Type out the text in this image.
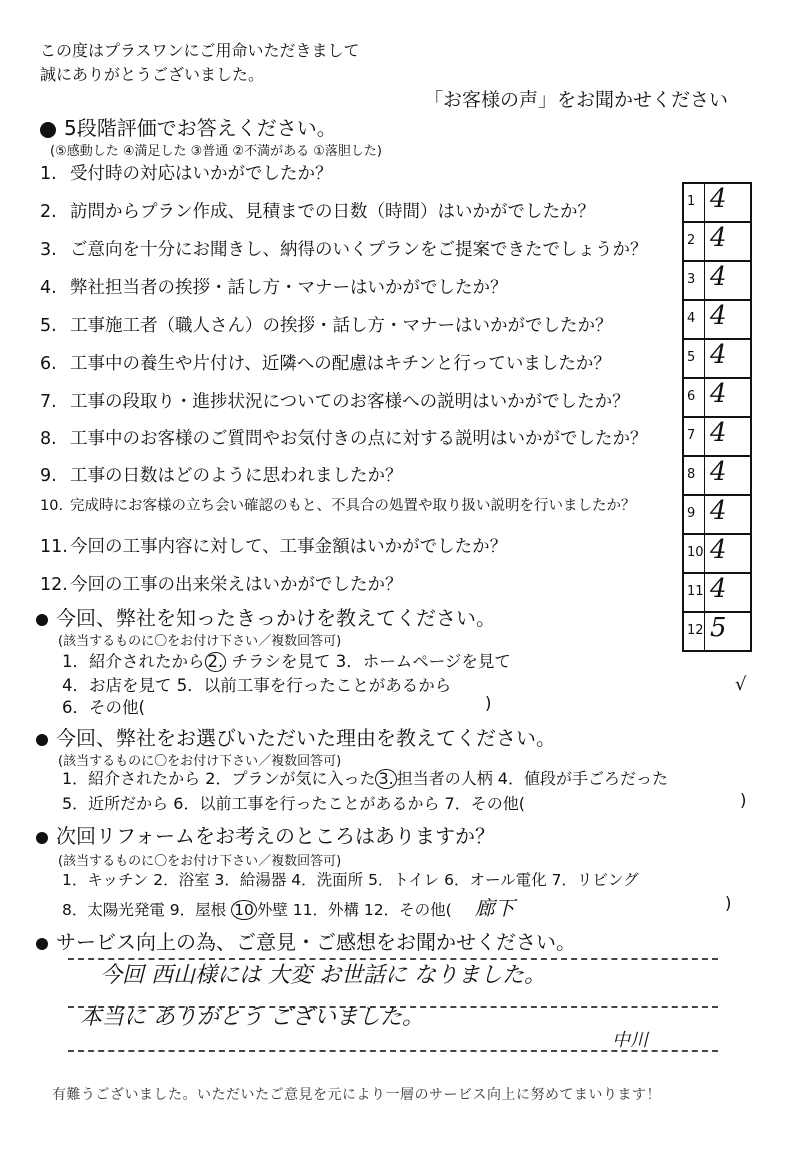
この度はプラスワンにご用命いただきまして
誠にありがとうございました。
「お客様の声」をお聞かせください
5段階評価でお答えください。
(⑤感動した ④満足した ③普通 ②不満がある ①落胆した)
1. 受付時の対応はいかがでしたか？
2. 訪問からプラン作成、見積までの日数（時間）はいかがでしたか？
3. ご意向を十分にお聞きし、納得のいくプランをご提案できたでしょうか？
4. 弊社担当者の挨拶・話し方・マナーはいかがでしたか？
5. 工事施工者（職人さん）の挨拶・話し方・マナーはいかがでしたか？
6. 工事中の養生や片付け、近隣への配慮はキチンと行っていましたか？
7. 工事の段取り・進捗状況についてのお客様への説明はいかがでしたか？
8. 工事中のお客様のご質問やお気付きの点に対する説明はいかがでしたか？
9. 工事の日数はどのように思われましたか？
10. 完成時にお客様の立ち会い確認のもと、不具合の処置や取り扱い説明を行いましたか？
11. 今回の工事内容に対して、工事金額はいかがでしたか？
12. 今回の工事の出来栄えはいかがでしたか？
1 4
2 4
3 4
4 4
5 4
6 4
7 4
8 4
9 4
10 4
11 4
12 5
√
今回、弊社を知ったきっかけを教えてください。
(該当するものに〇をお付け下さい／複数回答可)
1．紹介されたから 2. チラシを見て 3．ホームページを見て
4．お店を見て 5．以前工事を行ったことがあるから
6．その他(	)
今回、弊社をお選びいただいた理由を教えてください。
(該当するものに〇をお付け下さい／複数回答可)
1．紹介されたから 2．プランが気に入った 3. 担当者の人柄 4．値段が手ごろだった
5．近所だから 6．以前工事を行ったことがあるから 7．その他(	)
次回リフォームをお考えのところはありますか？
(該当するものに〇をお付け下さい／複数回答可)
1．キッチン 2．浴室 3．給湯器 4．洗面所 5．トイレ 6．オール電化 7．リビング
8．太陽光発電 9．屋根 10 外壁 11．外構 12．その他( 廊下	)
サービス向上の為、ご意見・ご感想をお聞かせください。
今回 西山様には 大変 お世話に なりました。
本当に ありがとう ございました。
中川
有難うございました。いただいたご意見を元により一層のサービス向上に努めてまいります！
